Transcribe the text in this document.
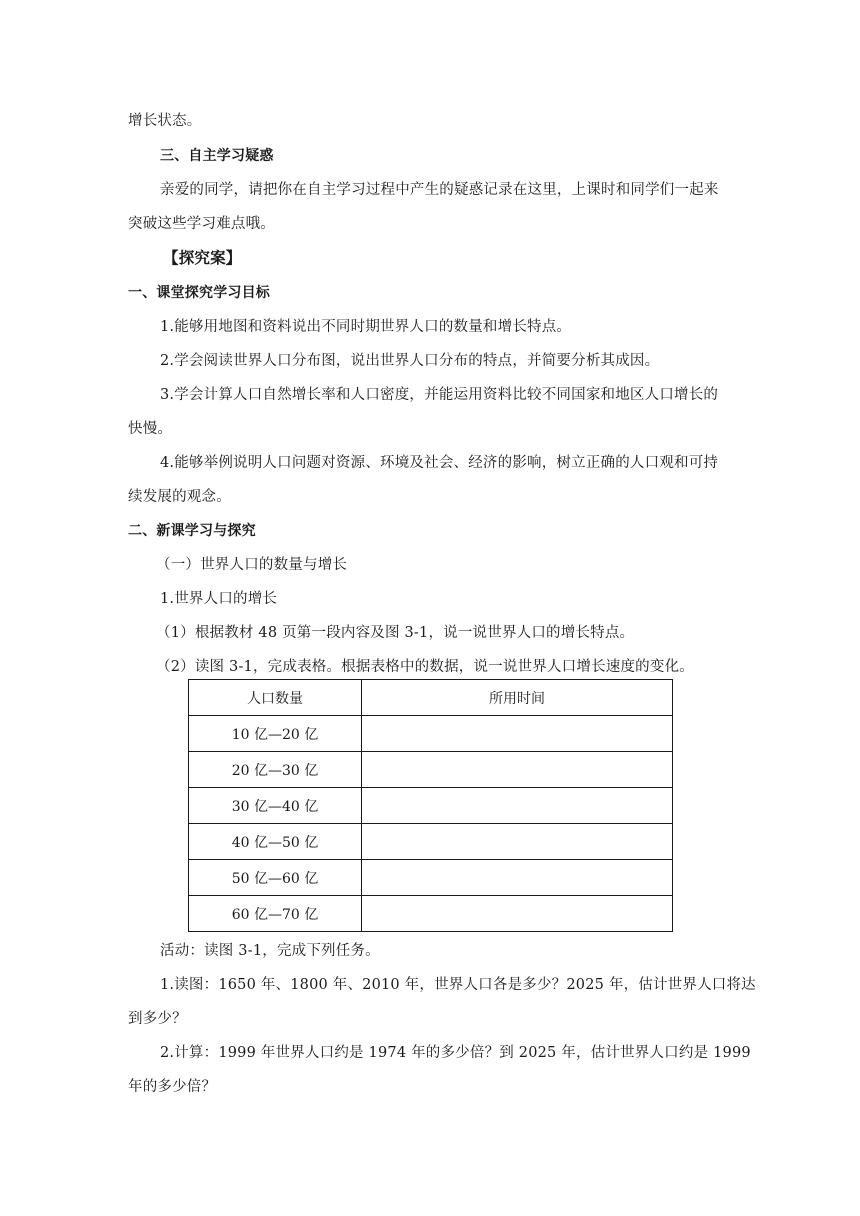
增长状态。
三、自主学习疑惑
亲爱的同学，请把你在自主学习过程中产生的疑惑记录在这里，上课时和同学们一起来
突破这些学习难点哦。
【探究案】
一、课堂探究学习目标
1.能够用地图和资料说出不同时期世界人口的数量和增长特点。
2.学会阅读世界人口分布图，说出世界人口分布的特点，并简要分析其成因。
3.学会计算人口自然增长率和人口密度，并能运用资料比较不同国家和地区人口增长的
快慢。
4.能够举例说明人口问题对资源、环境及社会、经济的影响，树立正确的人口观和可持
续发展的观念。
二、新课学习与探究
（一）世界人口的数量与增长
1.世界人口的增长
（1）根据教材 48 页第一段内容及图 3-1，说一说世界人口的增长特点。
（2）读图 3-1，完成表格。根据表格中的数据，说一说世界人口增长速度的变化。
人口数量	所用时间
10 亿—20 亿	
20 亿—30 亿	
30 亿—40 亿	
40 亿—50 亿	
50 亿—60 亿	
60 亿—70 亿	
活动：读图 3-1，完成下列任务。
1.读图：1650 年、1800 年、2010 年，世界人口各是多少？2025 年，估计世界人口将达
到多少？
2.计算：1999 年世界人口约是 1974 年的多少倍？到 2025 年，估计世界人口约是 1999
年的多少倍？
